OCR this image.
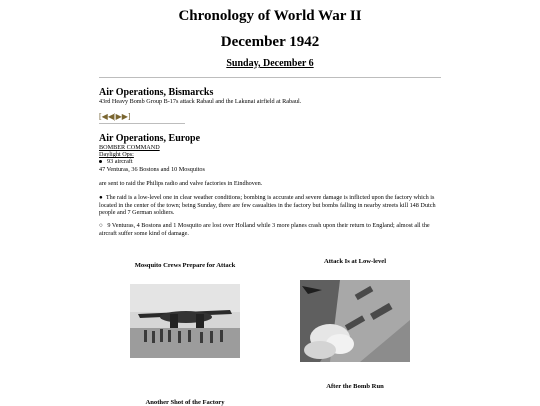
Chronology of World War II
December 1942
Sunday, December 6
Air Operations, Bismarcks
43rd Heavy Bomb Group B-17s attack Rabaul and the Lakunai airfield at Rabaul.
[◀◀|▶▶]
Air Operations, Europe
BOMBER COMMAND
Daylight Ops:
93 aircraft
47 Venturas, 36 Bostons and 10 Mosquitos
are sent to raid the Philips radio and valve factories in Eindhoven.
●  The raid is a low-level one in clear weather conditions; bombing is accurate and severe damage is inflicted upon the factory which is located in the center of the town; being Sunday, there are few casualties in the factory but bombs falling in nearby streets kill 148 Dutch people and 7 German soldiers.
○   9 Venturas, 4 Bostons and 1 Mosquito are lost over Holland while 3 more planes crash upon their return to England; almost all the aircraft suffer some kind of damage.
Mosquito Crews Prepare for Attack
Attack Is at Low-level
After the Bomb Run
Another Shot of the Factory
